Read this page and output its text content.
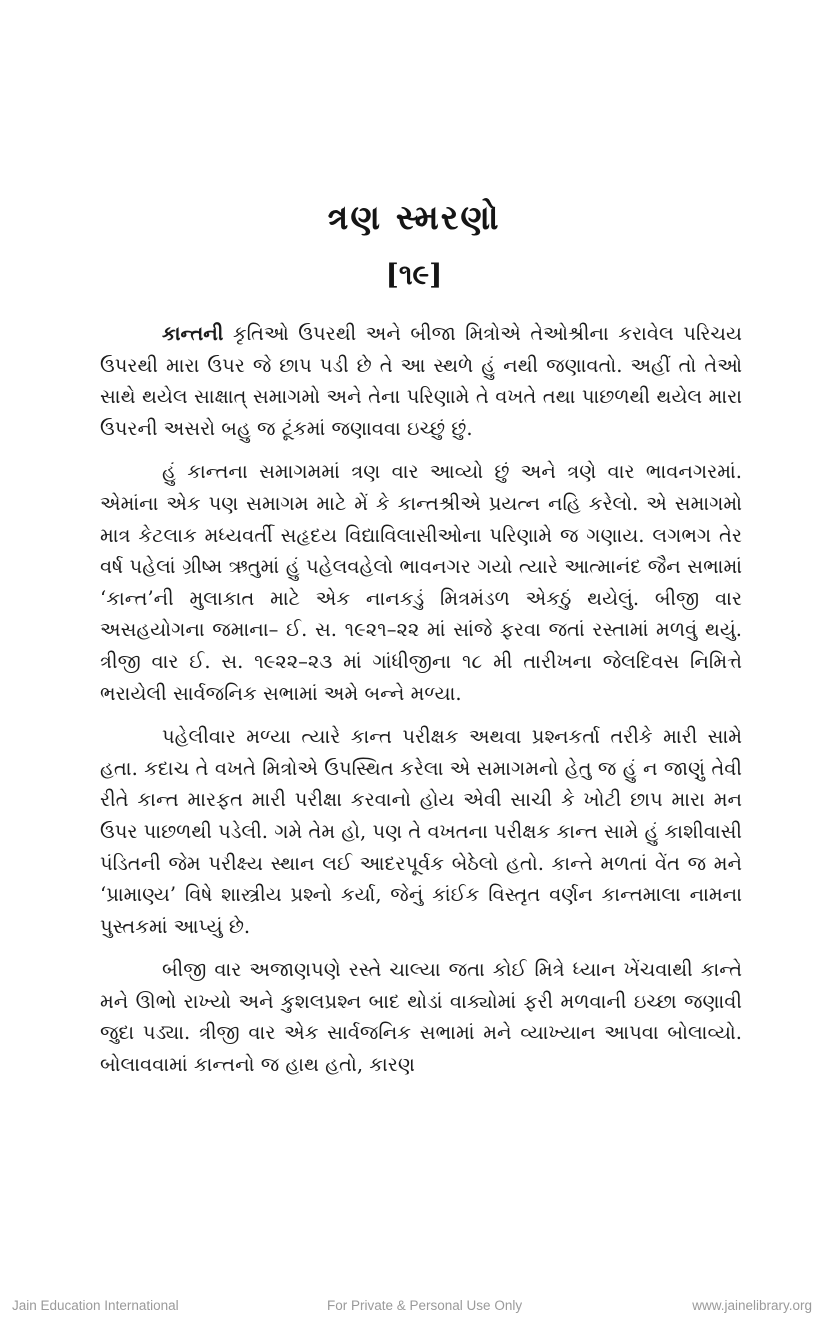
ત્રણ સ્મરણો
[૧૯]

કાન્તની કૃતિઓ ઉપરથી અને બીજા મિત્રોએ તેઓશ્રીના કરાવેલ પરિચય ઉપરથી મારા ઉપર જે છાપ પડી છે તે આ સ્થળે હું નથી જણાવતો. અહીં તો તેઓ સાથે થયેલ સાક્ષાત્ સમાગમો અને તેના પરિણામે તે વખતે તથા પાછળથી થયેલ મારા ઉપરની અસરો બહુ જ ટૂંકમાં જણાવવા ઇચ્છું છું.

હું કાન્તના સમાગમમાં ત્રણ વાર આવ્યો છું અને ત્રણે વાર ભાવનગરમાં. એમાંના એક પણ સમાગમ માટે મેં કે કાન્તશ્રીએ પ્રયત્ન નહિ કરેલો. એ સમાગમો માત્ર કેટલાક મધ્યવર્તી સહૃદય વિદ્યાવિલાસીઓના પરિણામે જ ગણાય. લગભગ તેર વર્ષ પહેલાં ગ્રીષ્મ ઋતુમાં હું પહેલવહેલો ભાવનગર ગયો ત્યારે આત્માનંદ જૈન સભામાં ‘કાન્ત’ની મુલાકાત માટે એક નાનકડું મિત્રમંડળ એકઠું થયેલું. બીજી વાર અસહયોગના જમાના– ઈ. સ. ૧૯૨૧–૨૨ માં સાંજે ફરવા જતાં રસ્તામાં મળવું થયું. ત્રીજી વાર ઈ. સ. ૧૯૨૨–૨૩ માં ગાંધીજીના ૧૮ મી તારીખના જેલદિવસ નિમિત્તે ભરાયેલી સાર્વજનિક સભામાં અમે બન્ને મળ્યા.

પહેલીવાર મળ્યા ત્યારે કાન્ત પરીક્ષક અથવા પ્રશ્નકર્તા તરીકે મારી સામે હતા. કદાચ તે વખતે મિત્રોએ ઉપસ્થિત કરેલા એ સમાગમનો હેતુ જ હું ન જાણું તેવી રીતે કાન્ત મારફત મારી પરીક્ષા કરવાનો હોય એવી સાચી કે ખોટી છાપ મારા મન ઉપર પાછળથી પડેલી. ગમે તેમ હો, પણ તે વખતના પરીક્ષક કાન્ત સામે હું કાશીવાસી પંડિતની જેમ પરીક્ષ્ય સ્થાન લઈ આદરપૂર્વક બેઠેલો હતો. કાન્તે મળતાં વેંત જ મને ‘પ્રામાણ્ય’ વિષે શાસ્ત્રીય પ્રશ્નો કર્યા, જેનું કાંઈક વિસ્તૃત વર્ણન કાન્તમાલા નામના પુસ્તકમાં આપ્યું છે.

બીજી વાર અજાણપણે રસ્તે ચાલ્યા જતા કોઈ મિત્રે ધ્યાન ખેંચવાથી કાન્તે મને ઊભો રાખ્યો અને કુશલપ્રશ્ન બાદ થોડાં વાક્યોમાં ફરી મળવાની ઇચ્છા જણાવી જુદા પડ્યા. ત્રીજી વાર એક સાર્વજનિક સભામાં મને વ્યાખ્યાન આપવા બોલાવ્યો. બોલાવવામાં કાન્તનો જ હાથ હતો, કારણ

Jain Education International	For Private & Personal Use Only	www.jainelibrary.org
